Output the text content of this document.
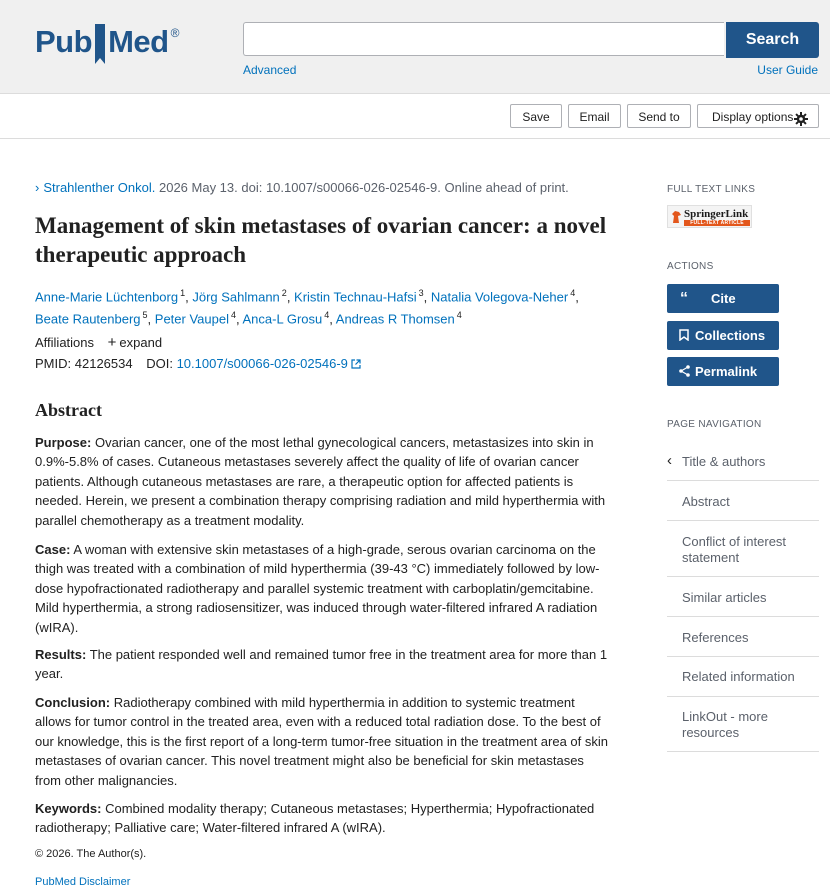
Pub Med ®	Search
Advanced	User Guide
Save	Email	Send to	Display options
› Strahlenther Onkol. 2026 May 13. doi: 10.1007/s00066-026-02546-9. Online ahead of print.
Management of skin metastases of ovarian cancer: a novel therapeutic approach
Anne-Marie Lüchtenborg $^1$, Jörg Sahlmann $^2$, Kristin Technau-Hafsi $^3$, Natalia Volegova-Neher $^4$, Beate Rautenberg $^5$, Peter Vaupel $^4$, Anca-L Grosu $^4$, Andreas R Thomsen $^4$
Affiliations + expand
PMID: 42126534 DOI: 10.1007/s00066-026-02546-9
Abstract

Purpose: Ovarian cancer, one of the most lethal gynecological cancers, metastasizes into skin in 0.9%-5.8% of cases. Cutaneous metastases severely affect the quality of life of ovarian cancer patients. Although cutaneous metastases are rare, a therapeutic option for affected patients is needed. Herein, we present a combination therapy comprising radiation and mild hyperthermia with parallel chemotherapy as a treatment modality.

Case: A woman with extensive skin metastases of a high-grade, serous ovarian carcinoma on the thigh was treated with a combination of mild hyperthermia (39-43 °C) immediately followed by low-dose hypofractionated radiotherapy and parallel systemic treatment with carboplatin/gemcitabine. Mild hyperthermia, a strong radiosensitizer, was induced through water-filtered infrared A radiation (wIRA).

Results: The patient responded well and remained tumor free in the treatment area for more than 1 year.

Conclusion: Radiotherapy combined with mild hyperthermia in addition to systemic treatment allows for tumor control in the treated area, even with a reduced total radiation dose. To the best of our knowledge, this is the first report of a long-term tumor-free situation in the treatment area of skin metastases of ovarian cancer. This novel treatment might also be beneficial for skin metastases from other malignancies.

Keywords: Combined modality therapy; Cutaneous metastases; Hyperthermia; Hypofractionated radiotherapy; Palliative care; Water-filtered infrared A (wIRA).

© 2026. The Author(s).
PubMed Disclaimer
FULL TEXT LINKS
SpringerLink
FULL-TEXT ARTICLE
ACTIONS
“ Cite
Collections
Permalink
PAGE NAVIGATION
‹ Title & authors
Abstract
Conflict of interest statement
Similar articles
References
Related information
LinkOut - more resources
